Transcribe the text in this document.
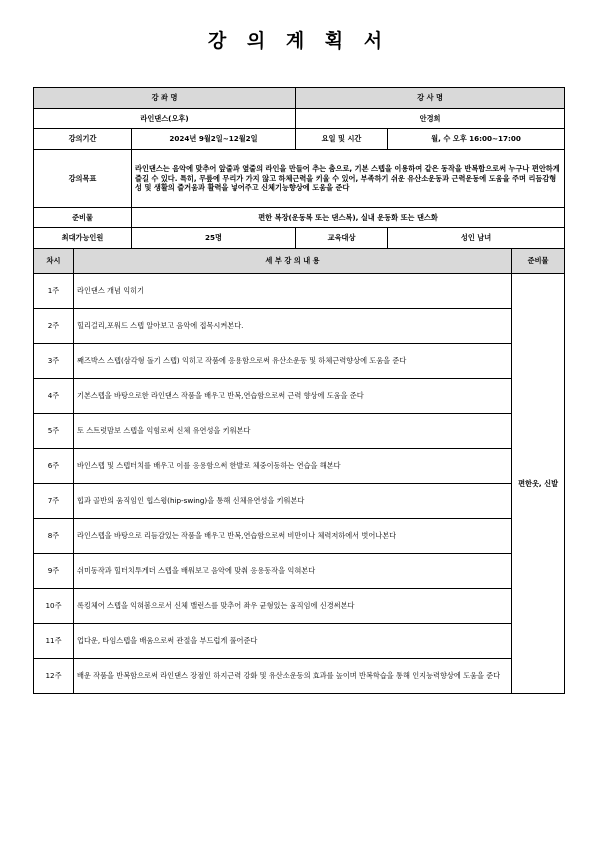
강 의 계 획 서
강 좌 명			강 사 명		
라인댄스(오후)			안경희		
강의기간		2024년 9월2일~12월2일	요일 및 시간	월, 수 오후 16:00~17:00	
강의목표		라인댄스는 음악에 맞추어 앞줄과 옆줄의 라인을 만들어 추는 춤으로, 기본 스텝을 이용하여 같은 동작을 반복함으로써 누구나 편안하게 즐길 수 있다. 특히, 무릎에 무리가 가지 않고 하체근력을 키울 수 있어, 부족하기 쉬운 유산소운동과 근력운동에 도움을 주며 리듬감형성 및 생활의 즐거움과 활력을 넣어주고 신체기능향상에 도움을 준다			
준비물		편한 복장(운동복 또는 댄스복), 실내 운동화 또는 댄스화			
최대가능인원		25명	교육대상	성인 남녀	
차시	세 부 강 의 내 용				준비물
1주	라인댄스 개념 익히기				편한옷, 신발
2주	힐리걸리,포워드 스텝 알아보고 음악에 접목시켜본다.				
3주	째즈박스 스텝(삼각형 돌기 스텝) 익히고 작품에 응용함으로써 유산소운동 및 하체근력향상에 도움을 준다				
4주	기본스텝을 바탕으로한 라인댄스 작품을 배우고 반복,연습함으로써 근력 향상에 도움을 준다				
5주	토 스트럿맘보 스텝을 익힘로써 신체 유연성을 키워본다				
6주	바인스텝 및 스텝터치를 배우고 이를 응용함으써 한발로 체중이동하는 연습을 해본다				
7주	힙과 골반의 움직임인 힙스윙(hip-swing)을 통해 신체유연성을 키워본다				
8주	라인스텝을 바탕으로 리듬감있는 작품을 배우고 반복,연습함으로써 비만이나 체력저하에서 벗어나본다				
9주	쉬미동작과 힐터치투게더 스텝을 배워보고 음악에 맞춰 응용동작을 익혀본다				
10주	록킹체어 스텝을 익혀봄으로서 신체 밸런스를 맞추어 좌우 균형있는 움직임에 신경써본다				
11주	업다운, 타임스텝을 배움으로써 관절을 부드럽게 풀어준다				
12주	배운 작품을 반복함으로써 라인댄스 장점인 하지근력 강화 및 유산소운동의 효과를 높이며 반복학습을 통해 인지능력향상에 도움을 준다				
